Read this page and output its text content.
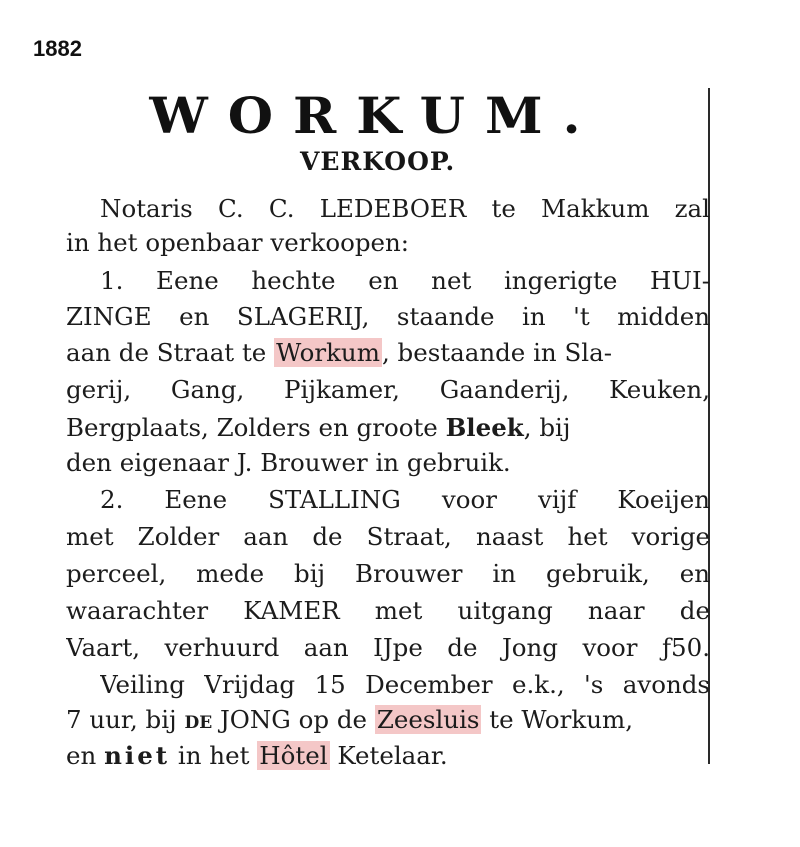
1882
WORKUM.
VERKOOP.
Notaris C. C. LEDEBOER te Makkum zal
in het openbaar verkoopen:
1. Eene hechte en net ingerigte HUI-
ZINGE en SLAGERIJ, staande in 't midden
aan de Straat te Workum, bestaande in Sla-
gerij, Gang, Pijkamer, Gaanderij, Keuken,
Bergplaats, Zolders en groote Bleek, bij
den eigenaar J. Brouwer in gebruik.
2. Eene STALLING voor vijf Koeijen
met Zolder aan de Straat, naast het vorige
perceel, mede bij Brouwer in gebruik, en
waarachter KAMER met uitgang naar de
Vaart, verhuurd aan IJpe de Jong voor ƒ50.
Veiling Vrijdag 15 December e.k., 's avonds
7 uur, bij de JONG op de Zeesluis te Workum,
en niet in het Hôtel Ketelaar.
